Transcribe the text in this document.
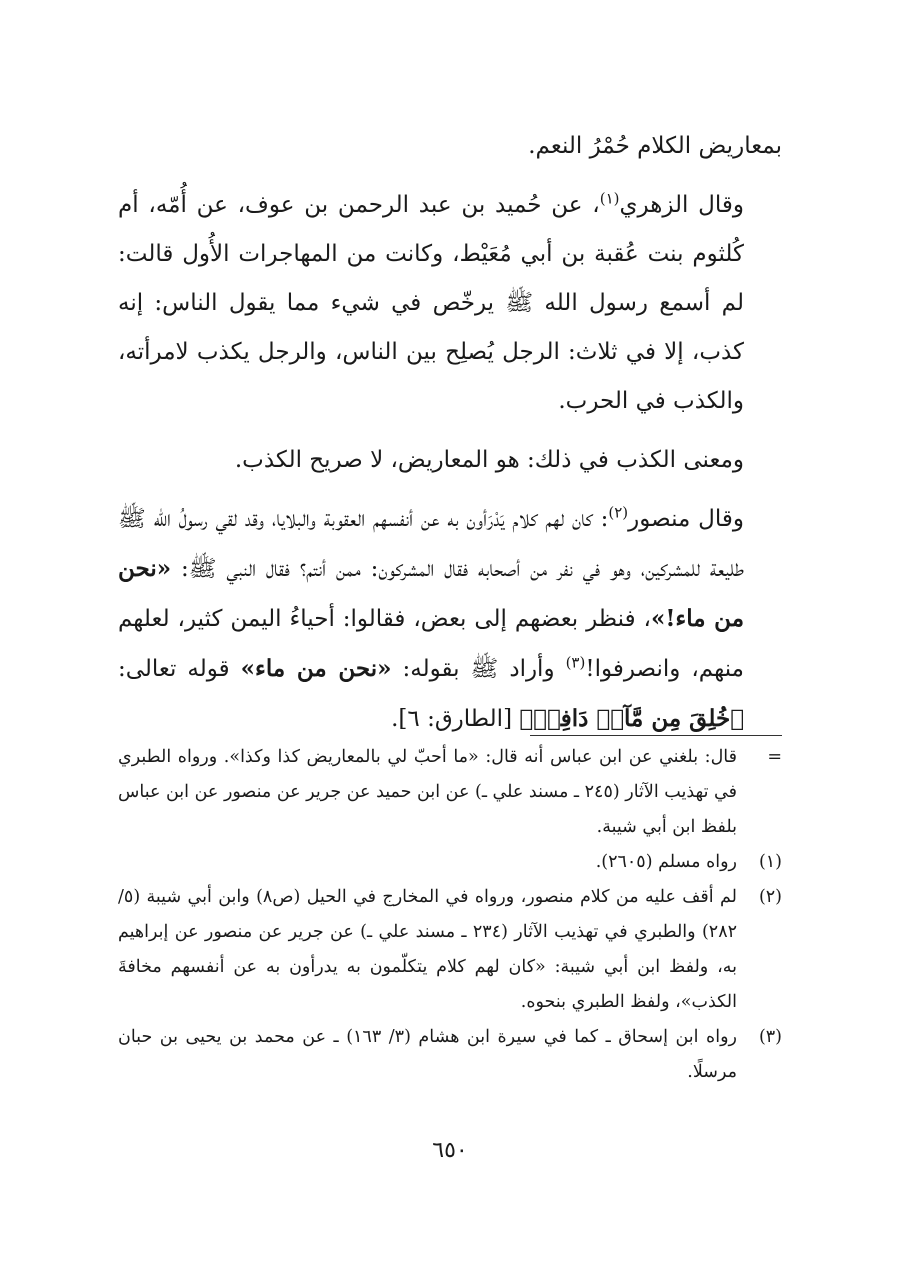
بمعاريض الكلام حُمْرُ النعم.

وقال الزهري$^{(١)}$، عن حُميد بن عبد الرحمن بن عوف، عن أُمّه، أم كُلثوم بنت عُقبة بن أبي مُعَيْط، وكانت من المهاجرات الأُول قالت: لم أسمع رسول الله ﷺ يرخّص في شيء مما يقول الناس: إنه كذب، إلا في ثلاث: الرجل يُصلِح بين الناس، والرجل يكذب لامرأته، والكذب في الحرب.

ومعنى الكذب في ذلك: هو المعاريض، لا صريح الكذب.

وقال منصور$^{(٢)}$: كان لهم كلام يَدْرَأون به عن أنفسهم العقوبة والبلايا، وقد لقي رسولُ الله ﷺ طليعة للمشركين، وهو في نفر من أصحابه فقال المشركون: ممن أنتم؟ فقال النبي ﷺ: «نحن من ماء!»، فنظر بعضهم إلى بعض، فقالوا: أحياءُ اليمن كثير، لعلهم منهم، وانصرفوا!$^{(٣)}$ وأراد ﷺ بقوله: «نحن من ماء» قوله تعالى: ﴿خُلِقَ مِن مَّآءٖ دَافِقٖ﴾ [الطارق: ٦].

=
قال: بلغني عن ابن عباس أنه قال: «ما أحبّ لي بالمعاريض كذا وكذا». ورواه الطبري في تهذيب الآثار (٢٤٥ ـ مسند علي ـ) عن ابن حميد عن جرير عن منصور عن ابن عباس بلفظ ابن أبي شيبة.

(١)
رواه مسلم (٢٦٠٥).

(٢)
لم أقف عليه من كلام منصور، ورواه في المخارج في الحيل (ص٨) وابن أبي شيبة (٥/ ٢٨٢) والطبري في تهذيب الآثار (٢٣٤ ـ مسند علي ـ) عن جرير عن منصور عن إبراهيم به، ولفظ ابن أبي شيبة: «كان لهم كلام يتكلّمون به يدرأون به عن أنفسهم مخافةَ الكذب»، ولفظ الطبري بنحوه.

(٣)
رواه ابن إسحاق ـ كما في سيرة ابن هشام (٣/ ١٦٣) ـ عن محمد بن يحيى بن حبان مرسلًا.

٦٥٠
